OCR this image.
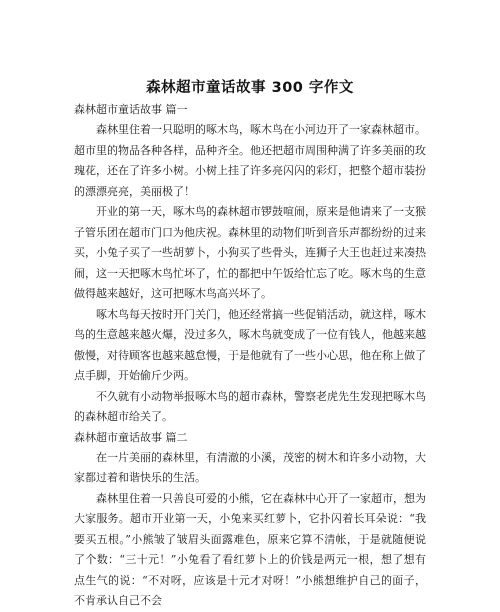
森林超市童话故事 300 字作文

森林超市童话故事 篇一

森林里住着一只聪明的啄木鸟，啄木鸟在小河边开了一家森林超市。超市里的物品各种各样，品种齐全。他还把超市周围种满了许多美丽的玫瑰花，还在了许多小树。小树上挂了许多亮闪闪的彩灯，把整个超市装扮的漂漂亮亮，美丽极了！

开业的第一天，啄木鸟的森林超市锣鼓喧闹，原来是他请来了一支猴子管乐团在超市门口为他庆祝。森林里的动物们听到音乐声都纷纷的过来买，小兔子买了一些胡萝卜，小狗买了些骨头，连狮子大王也赶过来凑热闹，这一天把啄木鸟忙坏了，忙的都把中午饭给忙忘了吃。啄木鸟的生意做得越来越好，这可把啄木鸟高兴坏了。

啄木鸟每天按时开门关门，他还经常搞一些促销活动，就这样，啄木鸟的生意越来越火爆，没过多久，啄木鸟就变成了一位有钱人，他越来越傲慢，对待顾客也越来越怠慢，于是他就有了一些小心思，他在称上做了点手脚，开始偷斤少两。

不久就有小动物举报啄木鸟的超市森林，警察老虎先生发现把啄木鸟的森林超市给关了。

森林超市童话故事 篇二

在一片美丽的森林里，有清澈的小溪，茂密的树木和许多小动物，大家都过着和谐快乐的生活。

森林里住着一只善良可爱的小熊，它在森林中心开了一家超市，想为大家服务。超市开业第一天，小兔来买红萝卜，它扑闪着长耳朵说：“我要买五根。”小熊皱了皱眉头面露难色，原来它算不清帐，于是就随便说了个数：“三十元！”小兔看了看红萝卜上的价钱是两元一根，想了想有点生气的说：“不对呀，应该是十元才对呀！”小熊想维护自己的面子，不肯承认自己不会
